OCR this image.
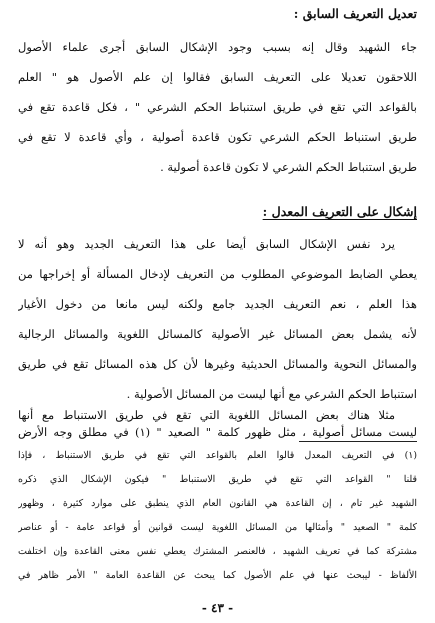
تعديل التعريف السابق :
جاء الشهيد وقال إنه بسبب وجود الإشكال السابق أجرى علماء الأصول
اللاحقون تعديلا على التعريف السابق فقالوا إن علم الأصول هو " العلم
بالقواعد التي تقع في طريق استنباط الحكم الشرعي " ، فكل قاعدة تقع في
طريق استنباط الحكم الشرعي تكون قاعدة أصولية ، وأي قاعدة لا تقع في
طريق استنباط الحكم الشرعي لا تكون قاعدة أصولية .
إشكال على التعريف المعدل :
يرد نفس الإشكال السابق أيضا على هذا التعريف الجديد وهو أنه لا
يعطي الضابط الموضوعي المطلوب من التعريف لإدخال المسألة أو إخراجها من
هذا العلم ، نعم التعريف الجديد جامع ولكنه ليس مانعا من دخول الأغيار
لأنه يشمل بعض المسائل غير الأصولية كالمسائل اللغوية والمسائل الرجالية
والمسائل النحوية والمسائل الحديثية وغيرها لأن كل هذه المسائل تقع في طريق
استنباط الحكم الشرعي مع أنها ليست من المسائل الأصولية .
مثلا هناك بعض المسائل اللغوية التي تقع في طريق الاستنباط مع أنها
ليست مسائل أصولية ، مثل ظهور كلمة " الصعيد " (١) في مطلق وجه الأرض
(١) في التعريف المعدل قالوا العلم بالقواعد التي تقع في طريق الاستنباط ، فإذا
قلنا " القواعد التي تقع في طريق الاستنباط " فيكون الإشكال الذي ذكره
الشهيد غير تام ، إن القاعدة هي القانون العام الذي ينطبق على موارد كثيرة ، وظهور
كلمة " الصعيد " وأمثالها من المسائل اللغوية ليست قوانين أو قواعد عامة - أو عناصر
مشتركة كما في تعريف الشهيد ، فالعنصر المشترك يعطي نفس معنى القاعدة وإن اختلفت
الألفاظ - ليبحث عنها في علم الأصول كما يبحث عن القاعدة العامة " الأمر ظاهر في
- ٤٣ -
